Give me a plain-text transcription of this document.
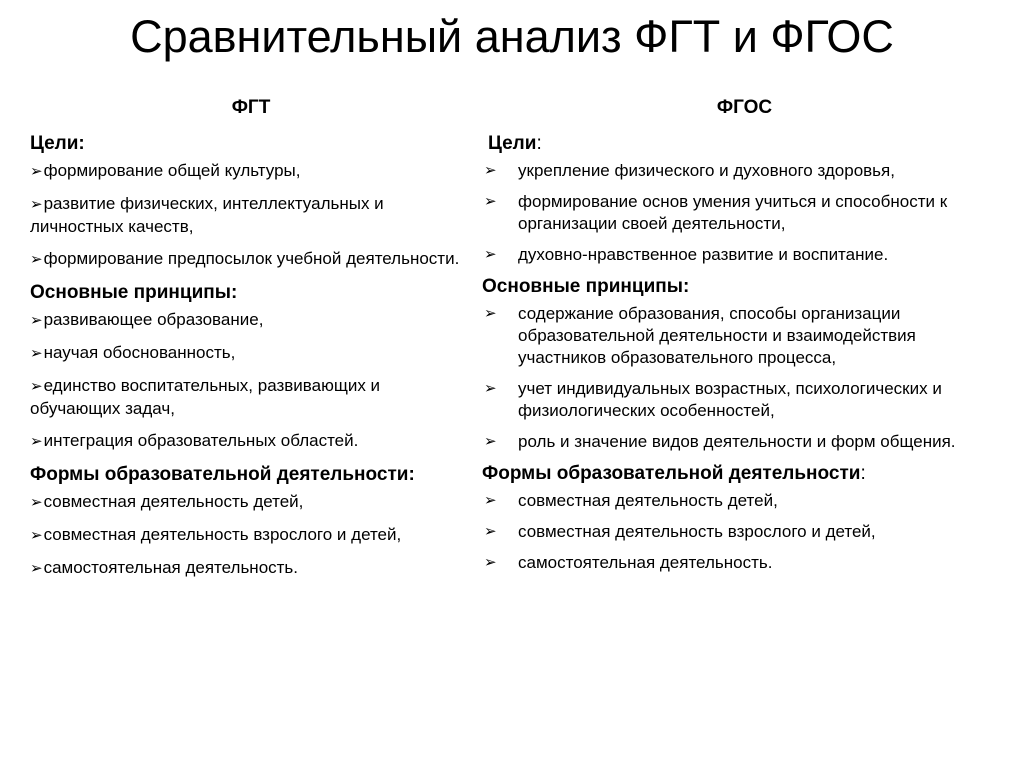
Сравнительный анализ ФГТ и ФГОС
ФГТ
Цели:
➢формирование общей культуры,
➢развитие физических, интеллектуальных и личностных качеств,
➢формирование предпосылок учебной деятельности.
Основные принципы:
➢развивающее образование,
➢научая обоснованность,
➢единство воспитательных, развивающих и обучающих задач,
➢интеграция образовательных областей.
Формы образовательной деятельности:
➢совместная деятельность детей,
➢совместная деятельность взрослого и детей,
➢самостоятельная деятельность.
ФГОС
Цели:
➢ укрепление физического и духовного здоровья,
➢ формирование основ умения учиться и способности к организации своей деятельности,
➢ духовно-нравственное развитие и воспитание.
Основные принципы:
➢ содержание образования, способы организации образовательной деятельности и взаимодействия участников образовательного процесса,
➢ учет индивидуальных возрастных, психологических и физиологических особенностей,
➢ роль и значение видов деятельности и форм общения.
Формы образовательной деятельности:
➢ совместная деятельность детей,
➢ совместная деятельность взрослого и детей,
➢ самостоятельная деятельность.
